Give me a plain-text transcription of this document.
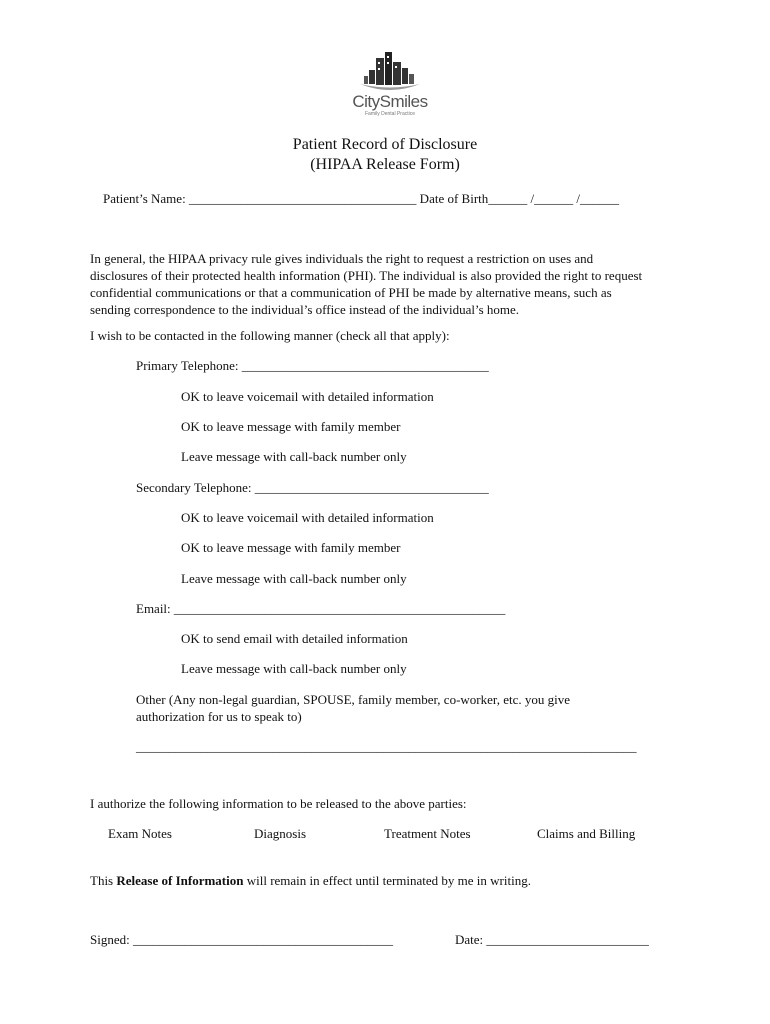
CitySmiles
Family Dental Practice
Patient Record of Disclosure
(HIPAA Release Form)
Patient’s Name: ___________________________________ Date of Birth______ /______ /______
In general, the HIPAA privacy rule gives individuals the right to request a restriction on uses and
disclosures of their protected health information (PHI). The individual is also provided the right to request
confidential communications or that a communication of PHI be made by alternative means, such as
sending correspondence to the individual’s office instead of the individual’s home.
I wish to be contacted in the following manner (check all that apply):
Primary Telephone: ______________________________________
OK to leave voicemail with detailed information
OK to leave message with family member
Leave message with call-back number only
Secondary Telephone: ____________________________________
OK to leave voicemail with detailed information
OK to leave message with family member
Leave message with call-back number only
Email: ___________________________________________________
OK to send email with detailed information
Leave message with call-back number only
Other (Any non-legal guardian, SPOUSE, family member, co-worker, etc. you give
authorization for us to speak to)
_____________________________________________________________________________
I authorize the following information to be released to the above parties:
Exam Notes	Diagnosis	Treatment Notes	Claims and Billing
This Release of Information will remain in effect until terminated by me in writing.
Signed: ________________________________________	Date: _________________________
